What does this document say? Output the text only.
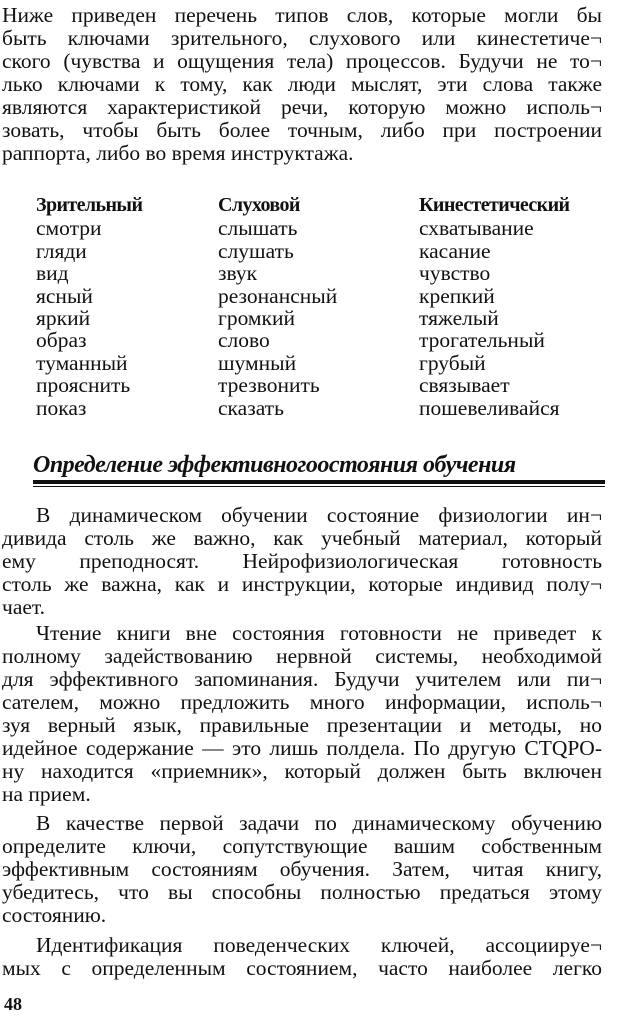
Ниже приведен перечень типов слов, которые могли бы
быть ключами зрительного, слухового или кинестетиче¬
ского (чувства и ощущения тела) процессов. Будучи не то¬
лько ключами к тому, как люди мыслят, эти слова также
являются характеристикой речи, которую можно исполь¬
зовать, чтобы быть более точным, либо при построении
раппорта, либо во время инструктажа.
Зрительный
смотри
гляди
вид
ясный
яркий
образ
туманный
прояснить
показ
Слуховой
слышать
слушать
звук
резонансный
громкий
слово
шумный
трезвонить
сказать
Кинестетический
схватывание
касание
чувство
крепкий
тяжелый
трогательный
грубый
связывает
пошевеливайся
Определение эффективногоостояния обучения
В динамическом обучении состояние физиологии ин¬
дивида столь же важно, как учебный материал, который
ему преподносят. Нейрофизиологическая готовность
столь же важна, как и инструкции, которые индивид полу¬
чает.
Чтение книги вне состояния готовности не приведет к
полному задействованию нервной системы, необходимой
для эффективного запоминания. Будучи учителем или пи¬
сателем, можно предложить много информации, исполь¬
зуя верный язык, правильные презентации и методы, но
идейное содержание — это лишь полдела. По другую CTQPO-
ну находится «приемник», который должен быть включен
на прием.
В качестве первой задачи по динамическому обучению
определите ключи, сопутствующие вашим собственным
эффективным состояниям обучения. Затем, читая книгу,
убедитесь, что вы способны полностью предаться этому
состоянию.
Идентификация поведенческих ключей, ассоциируе¬
мых с определенным состоянием, часто наиболее легко
48
